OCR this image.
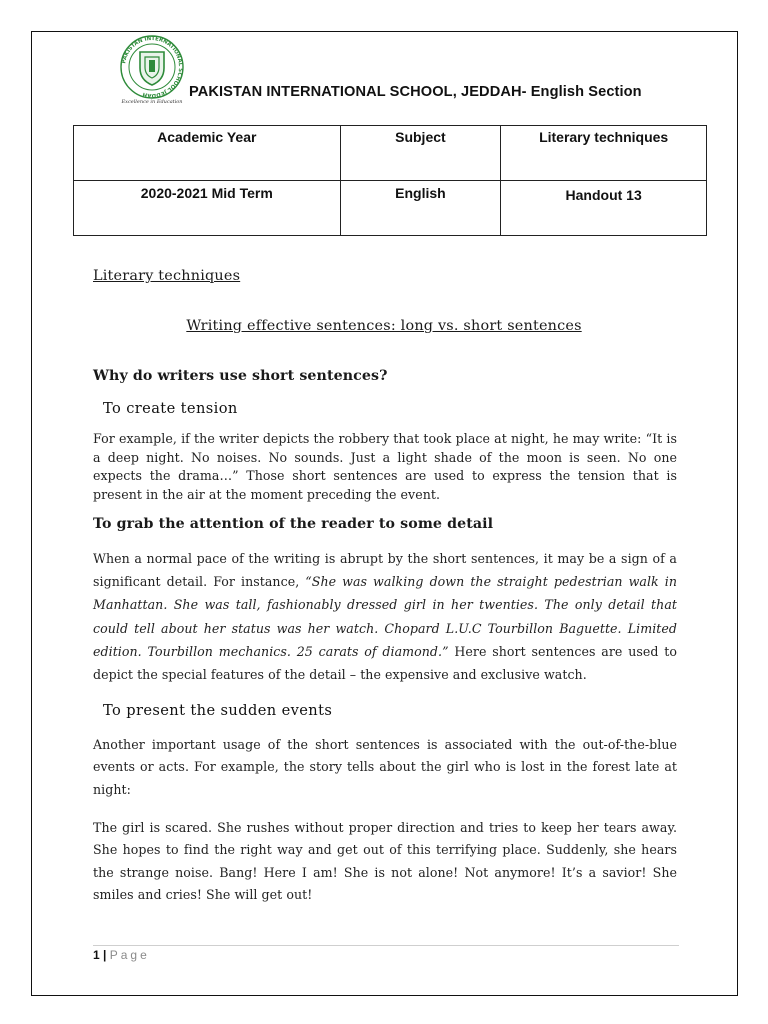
PAKISTAN INTERNATIONAL SCHOOL JEDDAH
Excellence in Education
PAKISTAN INTERNATIONAL SCHOOL, JEDDAH- English Section
Academic Year	Subject	Literary techniques
2020-2021 Mid Term	English	Handout 13
Literary techniques
Writing effective sentences: long vs. short sentences
Why do writers use short sentences?
To create tension
For example, if the writer depicts the robbery that took place at night, he may write: “It is a deep night. No noises. No sounds. Just a light shade of the moon is seen. No one expects the drama…” Those short sentences are used to express the tension that is present in the air at the moment preceding the event.
To grab the attention of the reader to some detail
When a normal pace of the writing is abrupt by the short sentences, it may be a sign of a significant detail. For instance, “She was walking down the straight pedestrian walk in Manhattan. She was tall, fashionably dressed girl in her twenties. The only detail that could tell about her status was her watch. Chopard L.U.C Tourbillon Baguette. Limited edition. Tourbillon mechanics. 25 carats of diamond.” Here short sentences are used to depict the special features of the detail – the expensive and exclusive watch.
To present the sudden events
Another important usage of the short sentences is associated with the out-of-the-blue events or acts. For example, the story tells about the girl who is lost in the forest late at night:
The girl is scared. She rushes without proper direction and tries to keep her tears away. She hopes to find the right way and get out of this terrifying place. Suddenly, she hears the strange noise. Bang! Here I am! She is not alone! Not anymore! It’s a savior! She smiles and cries! She will get out!
1 | Page
